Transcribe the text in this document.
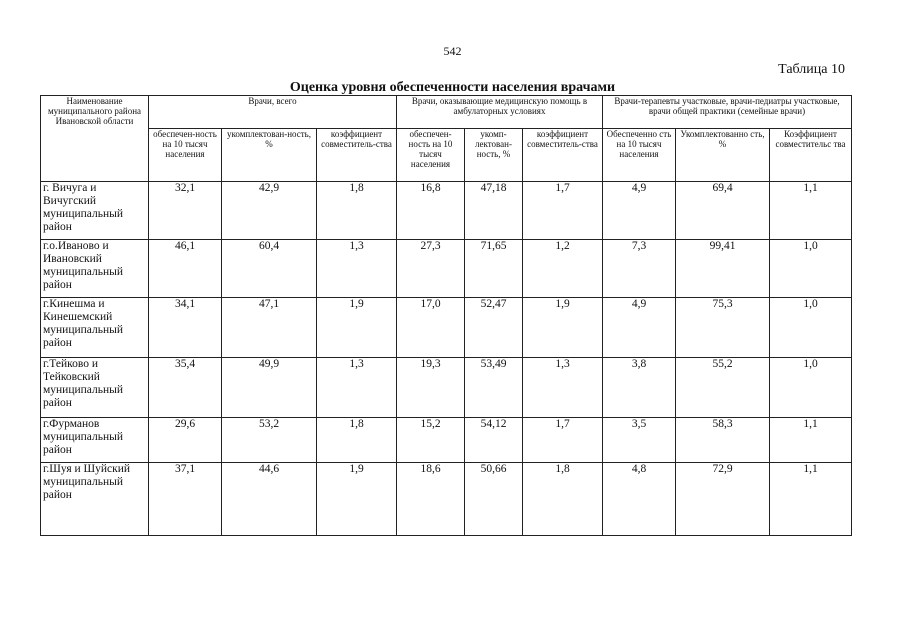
542
Таблица 10
Оценка уровня обеспеченности населения врачами
Наименование муниципального района Ивановской области	Врачи, всего			Врачи, оказывающие медицинскую помощь в амбулаторных условиях			Врачи-терапевты участковые, врачи-педиатры участковые, врачи общей практики (семейные врачи)		
	обеспечен-ность на 10 тысяч населения	укомплектован-ность, %	коэффициент совместитель-ства	обеспечен-ность на 10 тысяч населения	укомп-лектован-ность, %	коэффициент совместитель-ства	Обеспеченно сть на 10 тысяч населения	Укомплектованно сть, %	Коэффициент совместительс тва
г. Вичуга и Вичугский муниципальный район	32,1	42,9	1,8	16,8	47,18	1,7	4,9	69,4	1,1
г.о.Иваново и Ивановский муниципальный район	46,1	60,4	1,3	27,3	71,65	1,2	7,3	99,41	1,0
г.Кинешма и Кинешемский муниципальный район	34,1	47,1	1,9	17,0	52,47	1,9	4,9	75,3	1,0
г.Тейково и Тейковский муниципальный район	35,4	49,9	1,3	19,3	53,49	1,3	3,8	55,2	1,0
г.Фурманов муниципальный район	29,6	53,2	1,8	15,2	54,12	1,7	3,5	58,3	1,1
г.Шуя и Шуйский муниципальный район	37,1	44,6	1,9	18,6	50,66	1,8	4,8	72,9	1,1
